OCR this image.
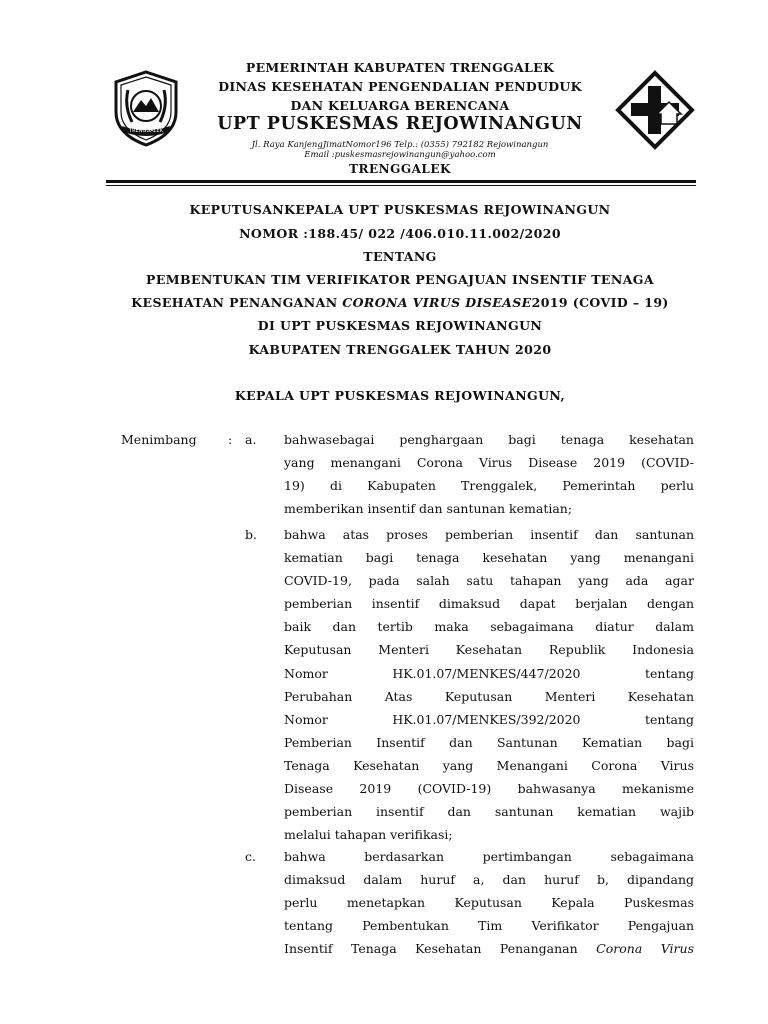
TRENGGALEK
PEMERINTAH KABUPATEN TRENGGALEK
DINAS KESEHATAN PENGENDALIAN PENDUDUK
DAN KELUARGA BERENCANA
UPT PUSKESMAS REJOWINANGUN
Jl. Raya KanjengJimatNomor196 Telp.: (0355) 792182 Rejowinangun
Email :puskesmasrejowinangun@yahoo.com
TRENGGALEK
KEPUTUSANKEPALA UPT PUSKESMAS REJOWINANGUN
NOMOR :188.45/ 022 /406.010.11.002/2020
TENTANG
PEMBENTUKAN TIM VERIFIKATOR PENGAJUAN INSENTIF TENAGA
KESEHATAN PENANGANAN CORONA VIRUS DISEASE2019 (COVID – 19)
DI UPT PUSKESMAS REJOWINANGUN
KABUPATEN TRENGGALEK TAHUN 2020
KEPALA UPT PUSKESMAS REJOWINANGUN,
Menimbang	: a. bahwasebagai penghargaan bagi tenaga kesehatan
yang menangani Corona Virus Disease 2019 (COVID-
19) di Kabupaten Trenggalek, Pemerintah perlu
memberikan insentif dan santunan kematian;
b. bahwa atas proses pemberian insentif dan santunan
kematian bagi tenaga kesehatan yang menangani
COVID-19, pada salah satu tahapan yang ada agar
pemberian insentif dimaksud dapat berjalan dengan
baik dan tertib maka sebagaimana diatur dalam
Keputusan Menteri Kesehatan Republik Indonesia
Nomor HK.01.07/MENKES/447/2020 tentang
Perubahan Atas Keputusan Menteri Kesehatan
Nomor HK.01.07/MENKES/392/2020 tentang
Pemberian Insentif dan Santunan Kematian bagi
Tenaga Kesehatan yang Menangani Corona Virus
Disease 2019 (COVID-19) bahwasanya mekanisme
pemberian insentif dan santunan kematian wajib
melalui tahapan verifikasi;
c. bahwa berdasarkan pertimbangan sebagaimana
dimaksud dalam huruf a, dan huruf b, dipandang
perlu menetapkan Keputusan Kepala Puskesmas
tentang Pembentukan Tim Verifikator Pengajuan
Insentif Tenaga Kesehatan Penanganan Corona Virus
